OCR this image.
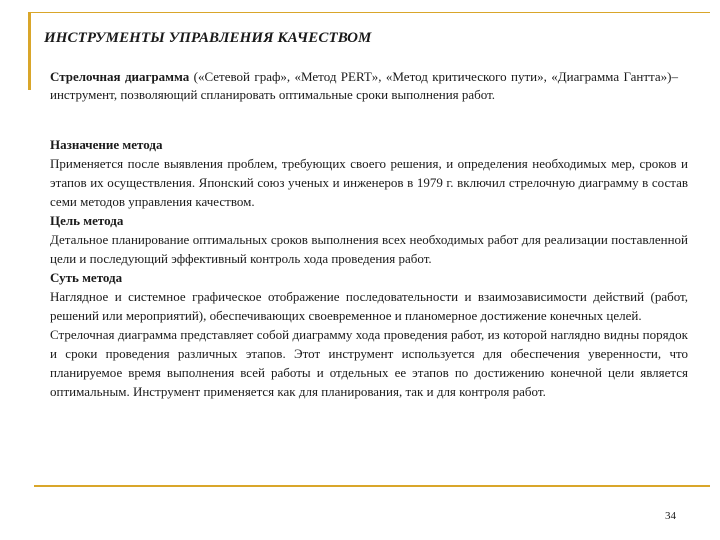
ИНСТРУМЕНТЫ УПРАВЛЕНИЯ КАЧЕСТВОМ
Стрелочная диаграмма («Сетевой граф», «Метод PERT», «Метод критического пути», «Диаграмма Гантта»)– инструмент, позволяющий спланировать оптимальные сроки выполнения работ.

Назначение метода

Применяется после выявления проблем, требующих своего решения, и определения необходимых мер, сроков и этапов их осуществления. Японский союз ученых и инженеров в 1979 г. включил стрелочную диаграмму в состав семи методов управления качеством.

Цель метода

Детальное планирование оптимальных сроков выполнения всех необходимых работ для реализации поставленной цели и последующий эффективный контроль хода проведения работ.

Суть метода

Наглядное и системное графическое отображение последовательности и взаимозависимости действий (работ, решений или мероприятий), обеспечивающих своевременное и планомерное достижение конечных целей.

Стрелочная диаграмма представляет собой диаграмму хода проведения работ, из которой наглядно видны порядок и сроки проведения различных этапов. Этот инструмент используется для обеспечения уверенности, что планируемое время выполнения всей работы и отдельных ее этапов по достижению конечной цели является оптимальным. Инструмент применяется как для планирования, так и для контроля работ.

34
